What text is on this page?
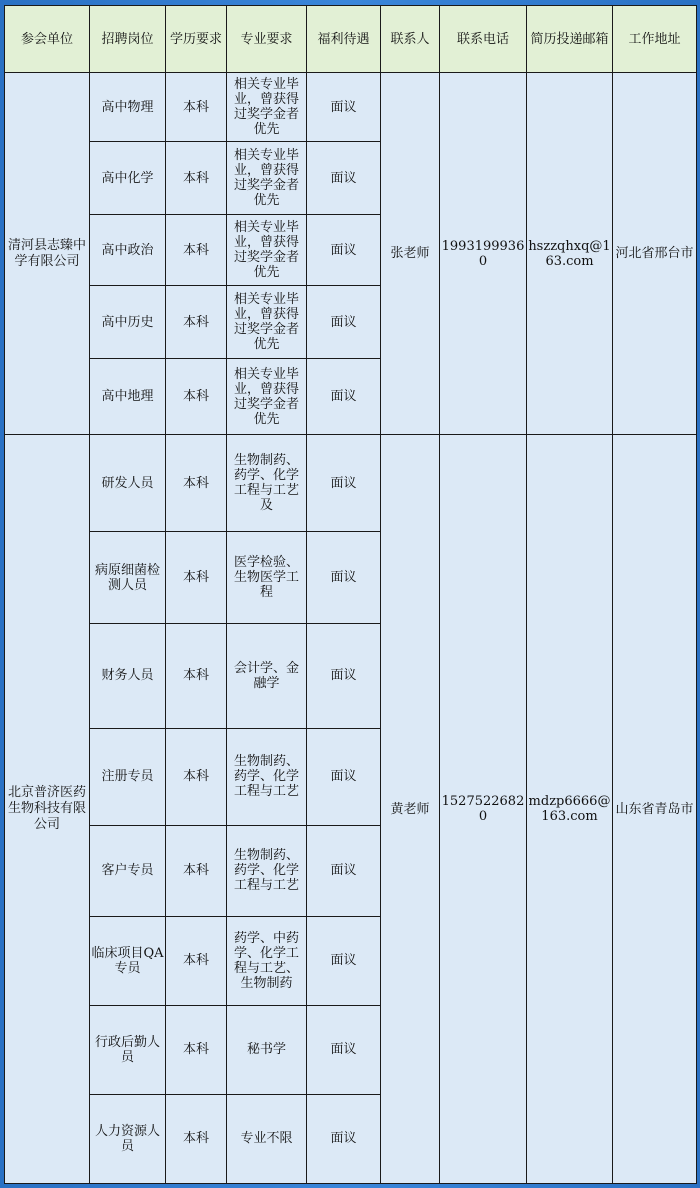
参会单位	招聘岗位	学历要求	专业要求	福利待遇	联系人	联系电话	简历投递邮箱	工作地址
清河县志臻中学有限公司	高中物理	本科	相关专业毕业，曾获得过奖学金者优先	面议	张老师	19931999360	hszzqhxq@163.com	河北省邢台市
	高中化学	本科	相关专业毕业，曾获得过奖学金者优先	面议				
	高中政治	本科	相关专业毕业，曾获得过奖学金者优先	面议				
	高中历史	本科	相关专业毕业，曾获得过奖学金者优先	面议				
	高中地理	本科	相关专业毕业，曾获得过奖学金者优先	面议				
北京普济医药生物科技有限公司	研发人员	本科	生物制药、药学、化学工程与工艺及	面议	黄老师	15275226820	mdzp6666@163.com	山东省青岛市
	病原细菌检测人员	本科	医学检验、生物医学工程	面议				
	财务人员	本科	会计学、金融学	面议				
	注册专员	本科	生物制药、药学、化学工程与工艺	面议				
	客户专员	本科	生物制药、药学、化学工程与工艺	面议				
	临床项目QA专员	本科	药学、中药学、化学工程与工艺、生物制药	面议				
	行政后勤人员	本科	秘书学	面议				
	人力资源人员	本科	专业不限	面议				
